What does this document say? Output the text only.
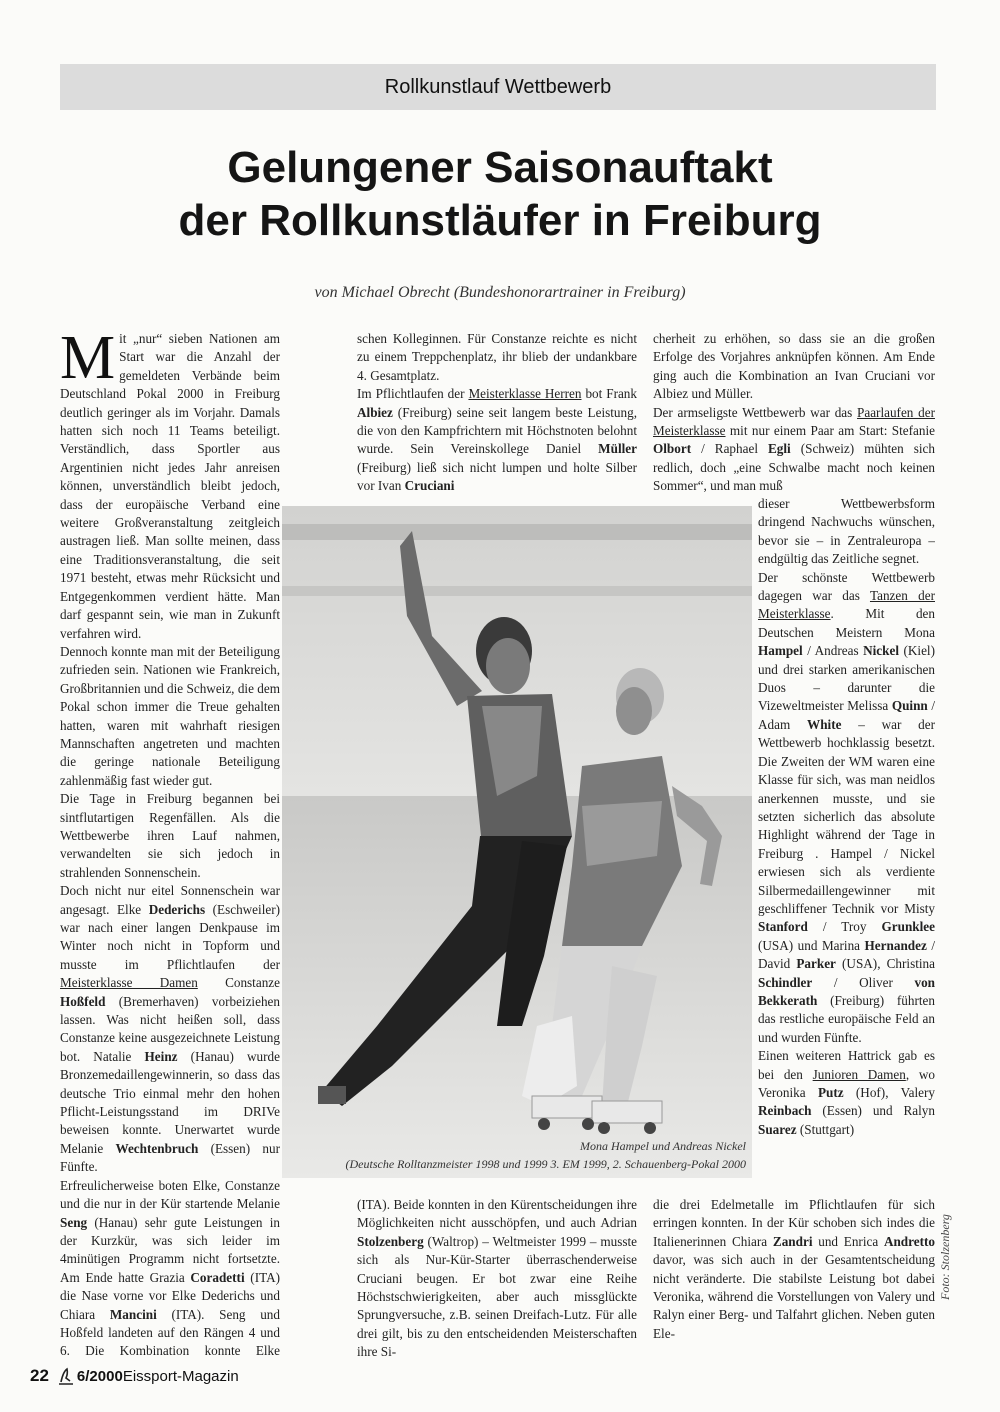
Rollkunstlauf Wettbewerb
Gelungener Saisonauftakt
der Rollkunstläufer in Freiburg
von Michael Obrecht (Bundeshonorartrainer in Freiburg)
M it „nur“ sieben Nationen am Start war die Anzahl der gemeldeten Verbände beim Deutschland Pokal 2000 in Freiburg deutlich geringer als im Vorjahr. Damals hatten sich noch 11 Teams beteiligt. Verständlich, dass Sportler aus Argentinien nicht jedes Jahr anreisen können, unverständlich bleibt jedoch, dass der europäische Verband eine weitere Großveranstaltung zeitgleich austragen ließ. Man sollte meinen, dass eine Traditionsveranstaltung, die seit 1971 besteht, etwas mehr Rücksicht und Entgegenkommen verdient hätte. Man darf gespannt sein, wie man in Zukunft verfahren wird.
Dennoch konnte man mit der Beteiligung zufrieden sein. Nationen wie Frankreich, Großbritannien und die Schweiz, die dem Pokal schon immer die Treue gehalten hatten, waren mit wahrhaft riesigen Mannschaften angetreten und machten die geringe nationale Beteiligung zahlenmäßig fast wieder gut.
Die Tage in Freiburg begannen bei sintflutartigen Regenfällen. Als die Wettbewerbe ihren Lauf nahmen, verwandelten sie sich jedoch in strahlenden Sonnenschein.
Doch nicht nur eitel Sonnenschein war angesagt. Elke Dederichs (Eschweiler) war nach einer langen Denkpause im Winter noch nicht in Topform und musste im Pflichtlaufen der Meisterklasse Damen Constanze Hoßfeld (Bremerhaven) vorbeiziehen lassen. Was nicht heißen soll, dass Constanze keine ausgezeichnete Leistung bot. Natalie Heinz (Hanau) wurde Bronzemedaillengewinnerin, so dass das deutsche Trio einmal mehr den hohen Pflicht-Leistungsstand im DRIVe beweisen konnte. Unerwartet wurde Melanie Wechtenbruch (Essen) nur Fünfte.
Erfreulicherweise boten Elke, Constanze und die nur in der Kür startende Melanie Seng (Hanau) sehr gute Leistungen in der Kurzkür, was sich leider im 4minütigen Programm nicht fortsetzte. Am Ende hatte Grazia Coradetti (ITA) die Nase vorne vor Elke Dederichs und Chiara Mancini (ITA). Seng und Hoßfeld landeten auf den Rängen 4 und 6. Die Kombination konnte Elke

schen Kolleginnen. Für Constanze reichte es nicht zu einem Treppchenplatz, ihr blieb der undankbare 4. Gesamtplatz.
Im Pflichtlaufen der Meisterklasse Herren bot Frank Albiez (Freiburg) seine seit langem beste Leistung, die von den Kampfrichtern mit Höchstnoten belohnt wurde. Sein Vereinskollege Daniel Müller (Freiburg) ließ sich nicht lumpen und holte Silber vor Ivan Cruciani

(ITA). Beide konnten in den Kürentscheidungen ihre Möglichkeiten nicht ausschöpfen, und auch Adrian Stolzenberg (Waltrop) – Weltmeister 1999 – musste sich als Nur-Kür-Starter überraschenderweise Cruciani beugen. Er bot zwar eine Reihe Höchstschwierigkeiten, aber auch missglückte Sprungversuche, z.B. seinen Dreifach-Lutz. Für alle drei gilt, bis zu den entscheidenden Meisterschaften ihre Si-

cherheit zu erhöhen, so dass sie an die großen Erfolge des Vorjahres anknüpfen können. Am Ende ging auch die Kombination an Ivan Cruciani vor Albiez und Müller.
Der armseligste Wettbewerb war das Paarlaufen der Meisterklasse mit nur einem Paar am Start: Stefanie Olbort / Raphael Egli (Schweiz) mühten sich redlich, doch „eine Schwalbe macht noch keinen Sommer“, und man muß

dieser Wettbewerbsform dringend Nachwuchs wünschen, bevor sie – in Zentraleuropa – endgültig das Zeitliche segnet.
Der schönste Wettbewerb dagegen war das Tanzen der Meisterklasse. Mit den Deutschen Meistern Mona Hampel / Andreas Nickel (Kiel) und drei starken amerikanischen Duos – darunter die Vizeweltmeister Melissa Quinn / Adam White – war der Wettbewerb hochklassig besetzt. Die Zweiten der WM waren eine Klasse für sich, was man neidlos anerkennen musste, und sie setzten sicherlich das absolute Highlight während der Tage in Freiburg . Hampel / Nickel erwiesen sich als verdiente Silbermedaillengewinner mit geschliffener Technik vor Misty Stanford / Troy Grunklee (USA) und Marina Hernandez / David Parker (USA), Christina Schindler / Oliver von Bekkerath (Freiburg) führten das restliche europäische Feld an und wurden Fünfte.
Einen weiteren Hattrick gab es bei den Junioren Damen, wo Veronika Putz (Hof), Valery Reinbach (Essen) und Ralyn Suarez (Stuttgart)

die drei Edelmetalle im Pflichtlaufen für sich erringen konnten. In der Kür schoben sich indes die Italienerinnen Chiara Zandri und Enrica Andretto davor, was sich auch in der Gesamtentscheidung nicht veränderte. Die stabilste Leistung bot dabei Veronika, während die Vorstellungen von Valery und Ralyn einer Berg- und Talfahrt glichen. Neben guten Ele-

Mona Hampel und Andreas Nickel
(Deutsche Rolltanzmeister 1998 und 1999 3. EM 1999, 2. Schauenberg-Pokal 2000
Foto: Stolzenberg
22 6/2000 Eissport-Magazin
